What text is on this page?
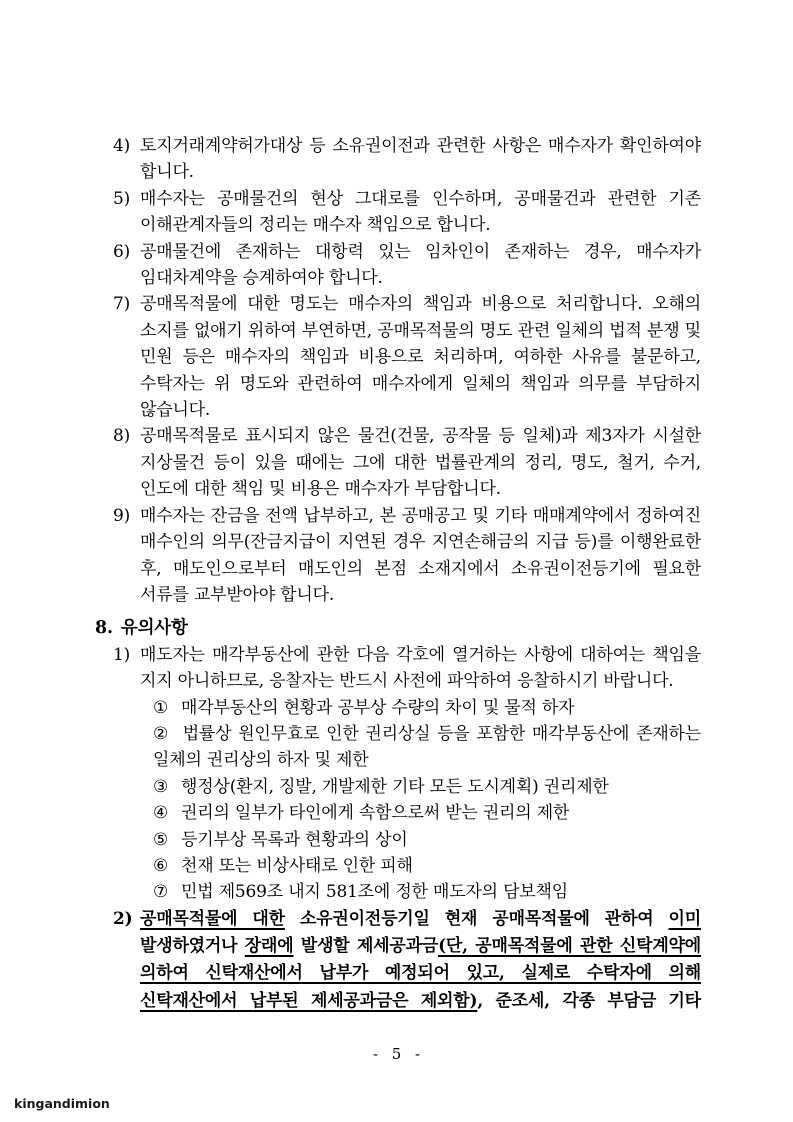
4) 토지거래계약허가대상 등 소유권이전과 관련한 사항은 매수자가 확인하여야 합니다.
5) 매수자는 공매물건의 현상 그대로를 인수하며, 공매물건과 관련한 기존 이해관계자들의 정리는 매수자 책임으로 합니다.
6) 공매물건에 존재하는 대항력 있는 임차인이 존재하는 경우, 매수자가 임대차계약을 승계하여야 합니다.
7) 공매목적물에 대한 명도는 매수자의 책임과 비용으로 처리합니다. 오해의 소지를 없애기 위하여 부연하면, 공매목적물의 명도 관련 일체의 법적 분쟁 및 민원 등은 매수자의 책임과 비용으로 처리하며, 여하한 사유를 불문하고, 수탁자는 위 명도와 관련하여 매수자에게 일체의 책임과 의무를 부담하지 않습니다.
8) 공매목적물로 표시되지 않은 물건(건물, 공작물 등 일체)과 제3자가 시설한 지상물건 등이 있을 때에는 그에 대한 법률관계의 정리, 명도, 철거, 수거, 인도에 대한 책임 및 비용은 매수자가 부담합니다.
9) 매수자는 잔금을 전액 납부하고, 본 공매공고 및 기타 매매계약에서 정하여진 매수인의 의무(잔금지급이 지연된 경우 지연손해금의 지급 등)를 이행완료한 후, 매도인으로부터 매도인의 본점 소재지에서 소유권이전등기에 필요한 서류를 교부받아야 합니다.
8. 유의사항
1) 매도자는 매각부동산에 관한 다음 각호에 열거하는 사항에 대하여는 책임을 지지 아니하므로, 응찰자는 반드시 사전에 파악하여 응찰하시기 바랍니다.
① 매각부동산의 현황과 공부상 수량의 차이 및 물적 하자
② 법률상 원인무효로 인한 권리상실 등을 포함한 매각부동산에 존재하는 일체의 권리상의 하자 및 제한
③ 행정상(환지, 징발, 개발제한 기타 모든 도시계획) 권리제한
④ 권리의 일부가 타인에게 속함으로써 받는 권리의 제한
⑤ 등기부상 목록과 현황과의 상이
⑥ 천재 또는 비상사태로 인한 피해
⑦ 민법 제569조 내지 581조에 정한 매도자의 담보책임
2) 공매목적물에 대한 소유권이전등기일 현재 공매목적물에 관하여 이미 발생하였거나 장래에 발생할 제세공과금(단, 공매목적물에 관한 신탁계약에 의하여 신탁재산에서 납부가 예정되어 있고, 실제로 수탁자에 의해 신탁재산에서 납부된 제세공과금은 제외함), 준조세, 각종 부담금 기타
- 5 -
kingandimion
